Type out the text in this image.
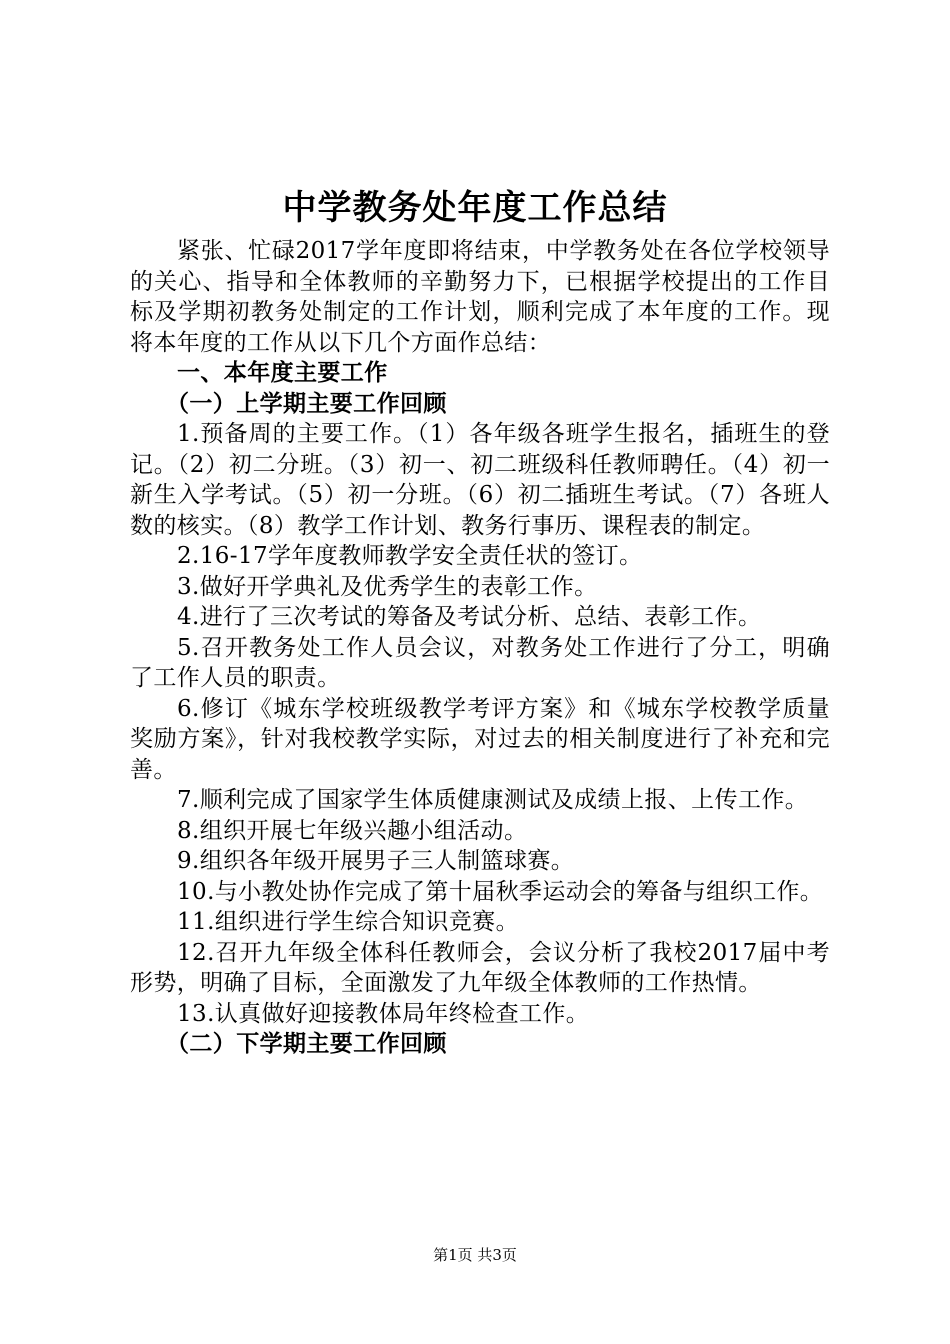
中学教务处年度工作总结

紧张、忙碌2017学年度即将结束，中学教务处在各位学校领导的关心、指导和全体教师的辛勤努力下，已根据学校提出的工作目标及学期初教务处制定的工作计划，顺利完成了本年度的工作。现将本年度的工作从以下几个方面作总结：

一、本年度主要工作

（一）上学期主要工作回顾

1.预备周的主要工作。（1）各年级各班学生报名，插班生的登记。（2）初二分班。（3）初一、初二班级科任教师聘任。（4）初一新生入学考试。（5）初一分班。（6）初二插班生考试。（7）各班人数的核实。（8）教学工作计划、教务行事历、课程表的制定。

2.16-17学年度教师教学安全责任状的签订。

3.做好开学典礼及优秀学生的表彰工作。

4.进行了三次考试的筹备及考试分析、总结、表彰工作。

5.召开教务处工作人员会议，对教务处工作进行了分工，明确了工作人员的职责。

6.修订《城东学校班级教学考评方案》和《城东学校教学质量奖励方案》，针对我校教学实际，对过去的相关制度进行了补充和完善。

7.顺利完成了国家学生体质健康测试及成绩上报、上传工作。

8.组织开展七年级兴趣小组活动。

9.组织各年级开展男子三人制篮球赛。

10.与小教处协作完成了第十届秋季运动会的筹备与组织工作。

11.组织进行学生综合知识竞赛。

12.召开九年级全体科任教师会，会议分析了我校2017届中考形势，明确了目标，全面激发了九年级全体教师的工作热情。

13.认真做好迎接教体局年终检查工作。

（二）下学期主要工作回顾

第1页 共3页
